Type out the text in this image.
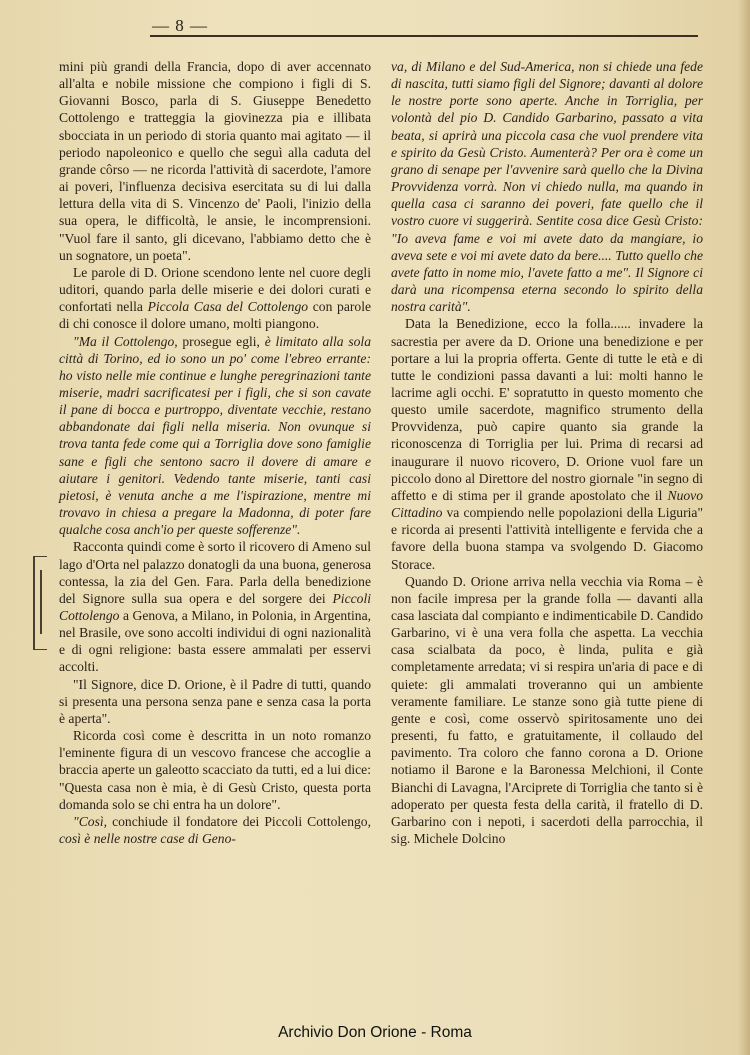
— 8 —

mini più grandi della Francia, dopo di aver accennato all'alta e nobile missione che compiono i figli di S. Giovanni Bosco, parla di S. Giuseppe Benedetto Cottolengo e tratteggia la giovinezza pia e illibata sbocciata in un periodo di storia quanto mai agitato — il periodo napoleonico e quello che seguì alla caduta del grande côrso — ne ricorda l'attività di sacerdote, l'amore ai poveri, l'influenza decisiva esercitata su di lui dalla lettura della vita di S. Vincenzo de' Paoli, l'inizio della sua opera, le difficoltà, le ansie, le incomprensioni. "Vuol fare il santo, gli dicevano, l'abbiamo detto che è un sognatore, un poeta".

Le parole di D. Orione scendono lente nel cuore degli uditori, quando parla delle miserie e dei dolori curati e confortati nella Piccola Casa del Cottolengo con parole di chi conosce il dolore umano, molti piangono.

"Ma il Cottolengo, prosegue egli, è limitato alla sola città di Torino, ed io sono un po' come l'ebreo errante: ho visto nelle mie continue e lunghe peregrinazioni tante miserie, madri sacrificatesi per i figli, che si son cavate il pane di bocca e purtroppo, diventate vecchie, restano abbandonate dai figli nella miseria. Non ovunque si trova tanta fede come qui a Torriglia dove sono famiglie sane e figli che sentono sacro il dovere di amare e aiutare i genitori. Vedendo tante miserie, tanti casi pietosi, è venuta anche a me l'ispirazione, mentre mi trovavo in chiesa a pregare la Madonna, di poter fare qualche cosa anch'io per queste sofferenze".

Racconta quindi come è sorto il ricovero di Ameno sul lago d'Orta nel palazzo donatogli da una buona, generosa contessa, la zia del Gen. Fara. Parla della benedizione del Signore sulla sua opera e del sorgere dei Piccoli Cottolengo a Genova, a Milano, in Polonia, in Argentina, nel Brasile, ove sono accolti individui di ogni nazionalità e di ogni religione: basta essere ammalati per esservi accolti.

"Il Signore, dice D. Orione, è il Padre di tutti, quando si presenta una persona senza pane e senza casa la porta è aperta".

Ricorda così come è descritta in un noto romanzo l'eminente figura di un vescovo francese che accoglie a braccia aperte un galeotto scacciato da tutti, ed a lui dice: "Questa casa non è mia, è di Gesù Cristo, questa porta domanda solo se chi entra ha un dolore".

"Così, conchiude il fondatore dei Piccoli Cottolengo, così è nelle nostre case di Geno-

va, di Milano e del Sud-America, non si chiede una fede di nascita, tutti siamo figli del Signore; davanti al dolore le nostre porte sono aperte. Anche in Torriglia, per volontà del pio D. Candido Garbarino, passato a vita beata, si aprirà una piccola casa che vuol prendere vita e spirito da Gesù Cristo. Aumenterà? Per ora è come un grano di senape per l'avvenire sarà quello che la Divina Provvidenza vorrà. Non vi chiedo nulla, ma quando in quella casa ci saranno dei poveri, fate quello che il vostro cuore vi suggerirà. Sentite cosa dice Gesù Cristo: "Io aveva fame e voi mi avete dato da mangiare, io aveva sete e voi mi avete dato da bere.... Tutto quello che avete fatto in nome mio, l'avete fatto a me". Il Signore ci darà una ricompensa eterna secondo lo spirito della nostra carità".

Data la Benedizione, ecco la folla...... invadere la sacrestia per avere da D. Orione una benedizione e per portare a lui la propria offerta. Gente di tutte le età e di tutte le condizioni passa davanti a lui: molti hanno le lacrime agli occhi. E' sopratutto in questo momento che questo umile sacerdote, magnifico strumento della Provvidenza, può capire quanto sia grande la riconoscenza di Torriglia per lui. Prima di recarsi ad inaugurare il nuovo ricovero, D. Orione vuol fare un piccolo dono al Direttore del nostro giornale "in segno di affetto e di stima per il grande apostolato che il Nuovo Cittadino va compiendo nelle popolazioni della Liguria" e ricorda ai presenti l'attività intelligente e fervida che a favore della buona stampa va svolgendo D. Giacomo Storace.

Quando D. Orione arriva nella vecchia via Roma – è non facile impresa per la grande folla — davanti alla casa lasciata dal compianto e indimenticabile D. Candido Garbarino, vi è una vera folla che aspetta. La vecchia casa scialbata da poco, è linda, pulita e già completamente arredata; vi si respira un'aria di pace e di quiete: gli ammalati troveranno qui un ambiente veramente familiare. Le stanze sono già tutte piene di gente e così, come osservò spiritosamente uno dei presenti, fu fatto, e gratuitamente, il collaudo del pavimento. Tra coloro che fanno corona a D. Orione notiamo il Barone e la Baronessa Melchioni, il Conte Bianchi di Lavagna, l'Arciprete di Torriglia che tanto si è adoperato per questa festa della carità, il fratello di D. Garbarino con i nepoti, i sacerdoti della parrocchia, il sig. Michele Dolcino

Archivio Don Orione - Roma
